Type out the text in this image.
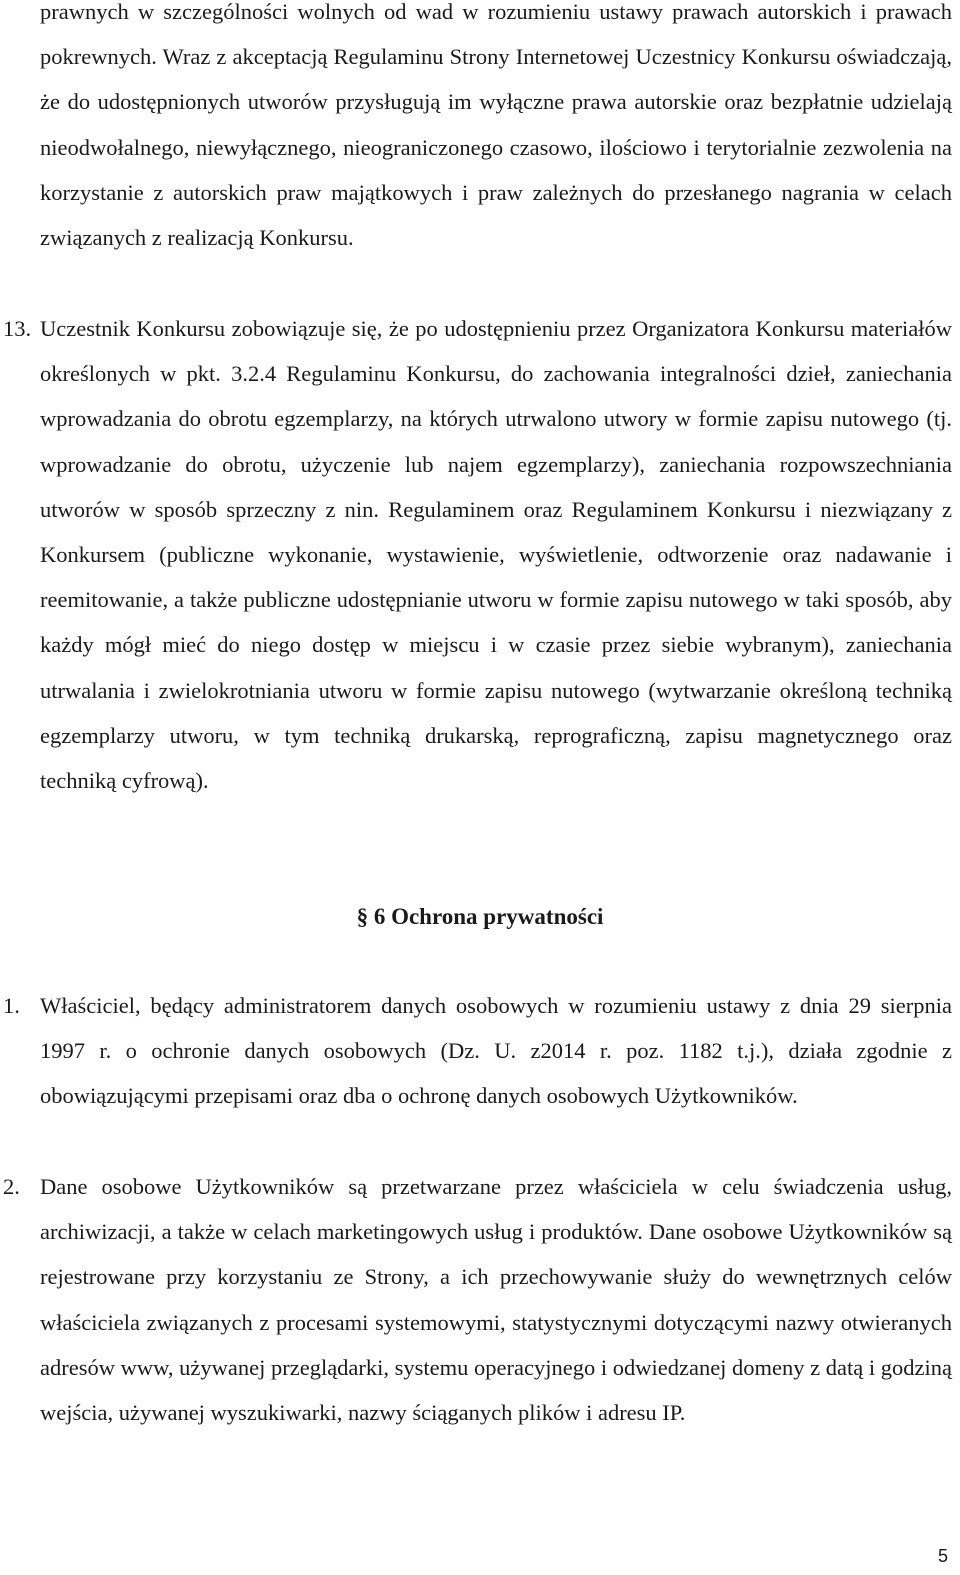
prawnych w szczególności wolnych od wad w rozumieniu ustawy prawach autorskich i prawach pokrewnych. Wraz z akceptacją Regulaminu Strony Internetowej Uczestnicy Konkursu oświadczają, że do udostępnionych utworów przysługują im wyłączne prawa autorskie oraz bezpłatnie udzielają nieodwołalnego, niewyłącznego, nieograniczonego czasowo, ilościowo i terytorialnie zezwolenia na korzystanie z autorskich praw majątkowych i praw zależnych do przesłanego nagrania w celach związanych z realizacją Konkursu.

13. Uczestnik Konkursu zobowiązuje się, że po udostępnieniu przez Organizatora Konkursu materiałów określonych w pkt. 3.2.4 Regulaminu Konkursu, do zachowania integralności dzieł, zaniechania wprowadzania do obrotu egzemplarzy, na których utrwalono utwory w formie zapisu nutowego (tj. wprowadzanie do obrotu, użyczenie lub najem egzemplarzy), zaniechania rozpowszechniania utworów w sposób sprzeczny z nin. Regulaminem oraz Regulaminem Konkursu i niezwiązany z Konkursem (publiczne wykonanie, wystawienie, wyświetlenie, odtworzenie oraz nadawanie i reemitowanie, a także publiczne udostępnianie utworu w formie zapisu nutowego w taki sposób, aby każdy mógł mieć do niego dostęp w miejscu i w czasie przez siebie wybranym), zaniechania utrwalania i zwielokrotniania utworu w formie zapisu nutowego (wytwarzanie określoną techniką egzemplarzy utworu, w tym techniką drukarską, reprograficzną, zapisu magnetycznego oraz techniką cyfrową).

§ 6 Ochrona prywatności
1. Właściciel, będący administratorem danych osobowych w rozumieniu ustawy z dnia 29 sierpnia 1997 r. o ochronie danych osobowych (Dz. U. z2014 r. poz. 1182 t.j.), działa zgodnie z obowiązującymi przepisami oraz dba o ochronę danych osobowych Użytkowników.

2. Dane osobowe Użytkowników są przetwarzane przez właściciela w celu świadczenia usług, archiwizacji, a także w celach marketingowych usług i produktów. Dane osobowe Użytkowników są rejestrowane przy korzystaniu ze Strony, a ich przechowywanie służy do wewnętrznych celów właściciela związanych z procesami systemowymi, statystycznymi dotyczącymi nazwy otwieranych adresów www, używanej przeglądarki, systemu operacyjnego i odwiedzanej domeny z datą i godziną wejścia, używanej wyszukiwarki, nazwy ściąganych plików i adresu IP.

5
